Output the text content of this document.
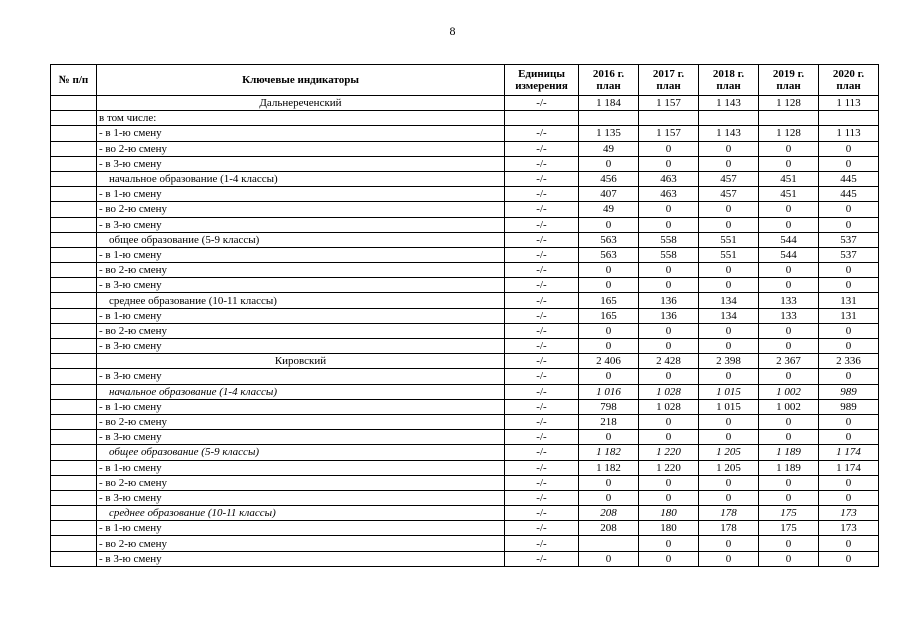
8
№ п/п	Ключевые индикаторы	Единицы измерения	2016 г. план	2017 г. план	2018 г. план	2019 г. план	2020 г. план
	Дальнереченский	-/-	1 184	1 157	1 143	1 128	1 113
	в том числе:						
	- в 1-ю смену	-/-	1 135	1 157	1 143	1 128	1 113
	- во 2-ю смену	-/-	49	0	0	0	0
	- в 3-ю смену	-/-	0	0	0	0	0
	начальное образование (1-4 классы)	-/-	456	463	457	451	445
	- в 1-ю смену	-/-	407	463	457	451	445
	- во 2-ю смену	-/-	49	0	0	0	0
	- в 3-ю смену	-/-	0	0	0	0	0
	общее образование (5-9 классы)	-/-	563	558	551	544	537
	- в 1-ю смену	-/-	563	558	551	544	537
	- во 2-ю смену	-/-	0	0	0	0	0
	- в 3-ю смену	-/-	0	0	0	0	0
	среднее образование (10-11 классы)	-/-	165	136	134	133	131
	- в 1-ю смену	-/-	165	136	134	133	131
	- во 2-ю смену	-/-	0	0	0	0	0
	- в 3-ю смену	-/-	0	0	0	0	0
	Кировский	-/-	2 406	2 428	2 398	2 367	2 336
	- в 3-ю смену	-/-	0	0	0	0	0
	начальное образование (1-4 классы)	-/-	1 016	1 028	1 015	1 002	989
	- в 1-ю смену	-/-	798	1 028	1 015	1 002	989
	- во 2-ю смену	-/-	218	0	0	0	0
	- в 3-ю смену	-/-	0	0	0	0	0
	общее образование (5-9 классы)	-/-	1 182	1 220	1 205	1 189	1 174
	- в 1-ю смену	-/-	1 182	1 220	1 205	1 189	1 174
	- во 2-ю смену	-/-	0	0	0	0	0
	- в 3-ю смену	-/-	0	0	0	0	0
	среднее образование (10-11 классы)	-/-	208	180	178	175	173
	- в 1-ю смену	-/-	208	180	178	175	173
	- во 2-ю смену	-/-		0	0	0	0
	- в 3-ю смену	-/-	0	0	0	0	0
